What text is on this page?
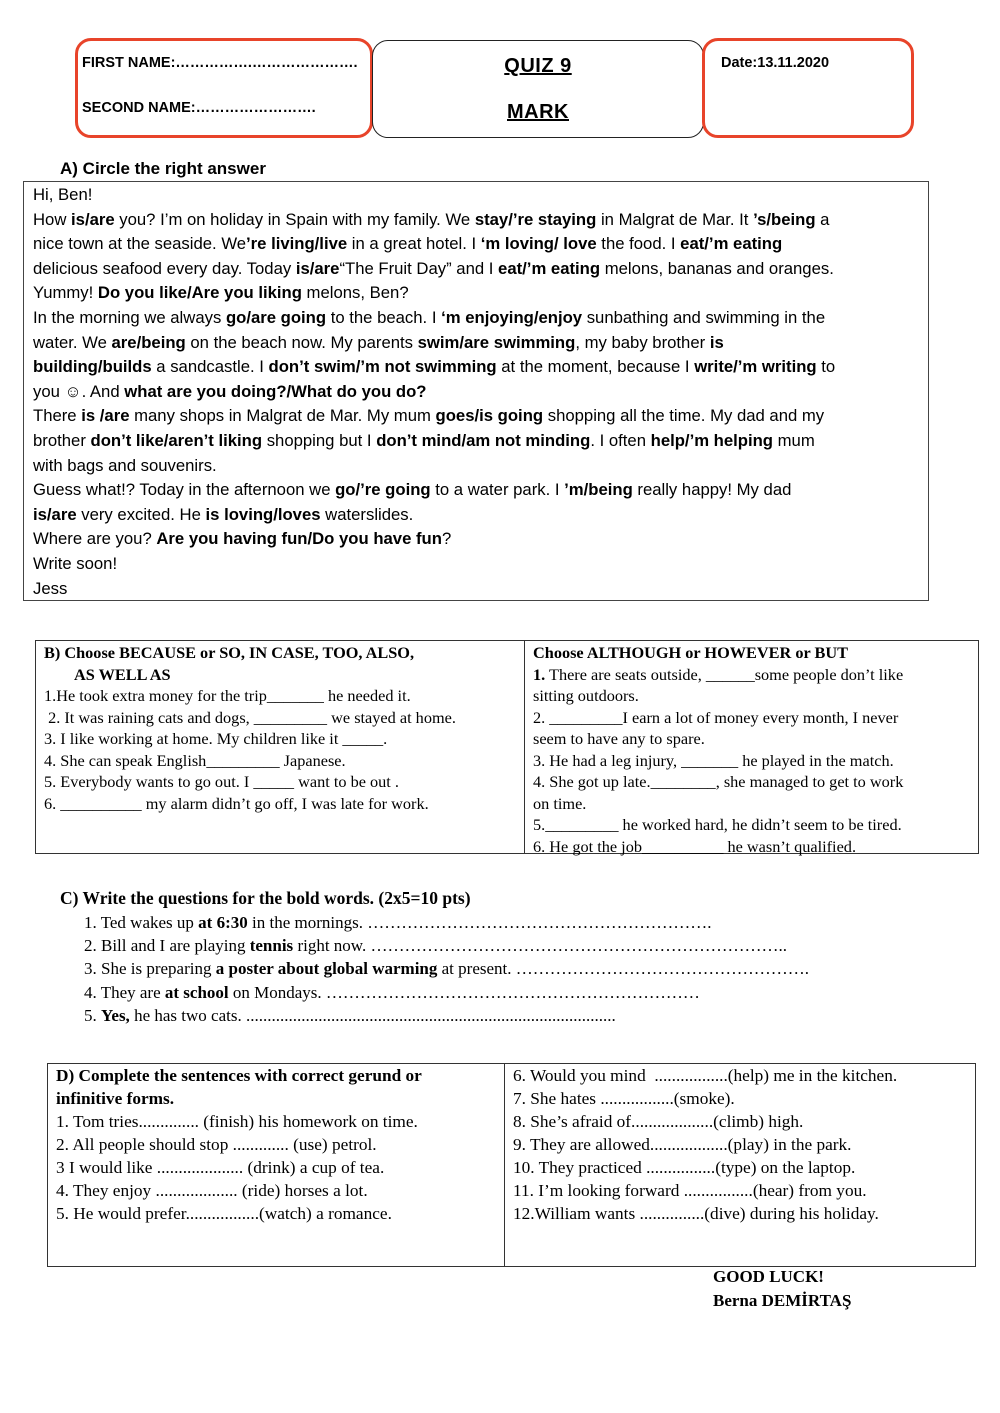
FIRST NAME:…………….………………….
SECOND NAME:…………………….
QUIZ 9
MARK
Date:13.11.2020
A) Circle the right answer
Hi, Ben!
How is/are you? I’m on holiday in Spain with my family. We stay/’re staying in Malgrat de Mar. It ’s/being a
nice town at the seaside. We’re living/live in a great hotel. I ‘m loving/ love the food. I eat/’m eating
delicious seafood every day. Today is/are“The Fruit Day” and I eat/’m eating melons, bananas and oranges.
Yummy! Do you like/Are you liking melons, Ben?
In the morning we always go/are going to the beach. I ‘m enjoying/enjoy sunbathing and swimming in the
water. We are/being on the beach now. My parents swim/are swimming, my baby brother is
building/builds a sandcastle. I don’t swim/’m not swimming at the moment, because I write/’m writing to
you ☺. And what are you doing?/What do you do?
There is /are many shops in Malgrat de Mar. My mum goes/is going shopping all the time. My dad and my
brother don’t like/aren’t liking shopping but I don’t mind/am not minding. I often help/’m helping mum
with bags and souvenirs.
Guess what!? Today in the afternoon we go/’re going to a water park. I ’m/being really happy! My dad
is/are very excited. He is loving/loves waterslides.
Where are you? Are you having fun/Do you have fun?
Write soon!
Jess
B) Choose BECAUSE or SO, IN CASE, TOO, ALSO,
AS WELL AS
1.He took extra money for the trip_______ he needed it.
2. It was raining cats and dogs, _________ we stayed at home.
3. I like working at home. My children like it _____.
4. She can speak English_________ Japanese.
5. Everybody wants to go out. I _____ want to be out .
6. __________ my alarm didn’t go off, I was late for work.
Choose ALTHOUGH or HOWEVER or BUT
1. There are seats outside, ______some people don’t like
sitting outdoors.
2. _________I earn a lot of money every month, I never
seem to have any to spare.
3. He had a leg injury, _______ he played in the match.
4. She got up late.________, she managed to get to work
on time.
5._________ he worked hard, he didn’t seem to be tired.
6. He got the job__________ he wasn’t qualified.
C) Write the questions for the bold words. (2x5=10 pts)
1. Ted wakes up at 6:30 in the mornings. …………………………………………………….
2. Bill and I are playing tennis right now. ………………………………………………………………..
3. She is preparing a poster about global warming at present. …………………………………………….
4. They are at school on Mondays. …………………………………………………………
5. Yes, he has two cats. .......................................................................................
D) Complete the sentences with correct gerund or
infinitive forms.
1. Tom tries.............. (finish) his homework on time.
2. All people should stop ............. (use) petrol.
3 I would like .................... (drink) a cup of tea.
4. They enjoy ................... (ride) horses a lot.
5. He would prefer.................(watch) a romance.
6. Would you mind  .................(help) me in the kitchen.
7. She hates .................(smoke).
8. She’s afraid of...................(climb) high.
9. They are allowed..................(play) in the park.
10. They practiced ................(type) on the laptop.
11. I’m looking forward ................(hear) from you.
12.William wants ...............(dive) during his holiday.
GOOD LUCK!
Berna DEMİRTAŞ
